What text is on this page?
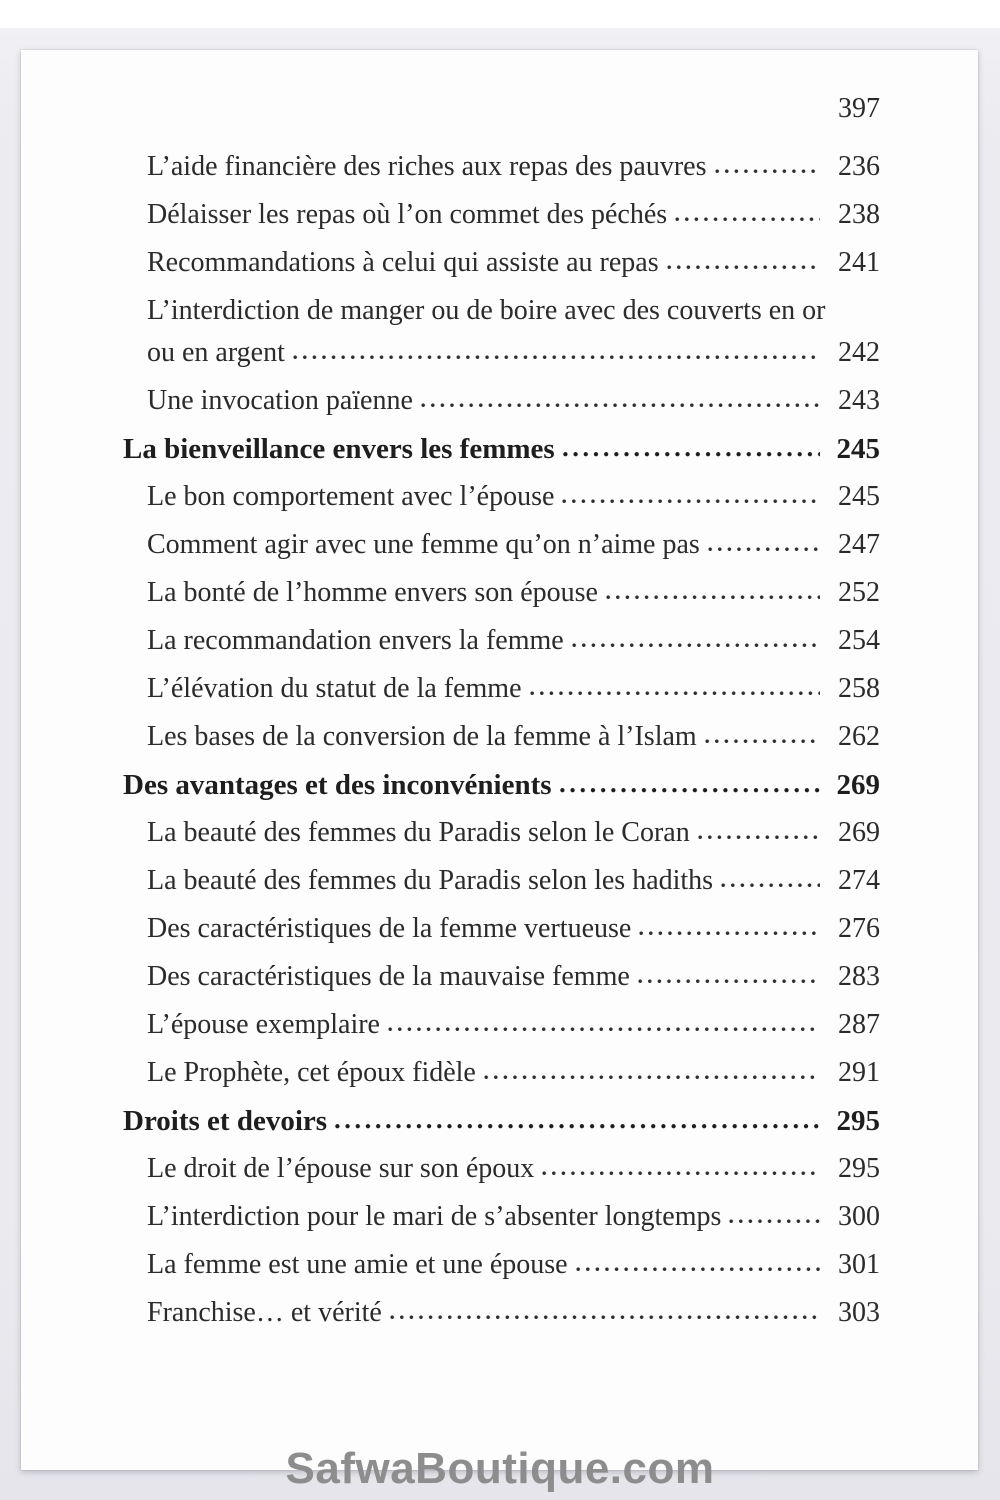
397
L’aide financière des riches aux repas des pauvres	236
Délaisser les repas où l’on commet des péchés	238
Recommandations à celui qui assiste au repas	241
L’interdiction de manger ou de boire avec des couverts en or
ou en argent	242
Une invocation païenne	243
La bienveillance envers les femmes	245
Le bon comportement avec l’épouse	245
Comment agir avec une femme qu’on n’aime pas	247
La bonté de l’homme envers son épouse	252
La recommandation envers la femme	254
L’élévation du statut de la femme	258
Les bases de la conversion de la femme à l’Islam	262
Des avantages et des inconvénients	269
La beauté des femmes du Paradis selon le Coran	269
La beauté des femmes du Paradis selon les hadiths	274
Des caractéristiques de la femme vertueuse	276
Des caractéristiques de la mauvaise femme	283
L’épouse exemplaire	287
Le Prophète, cet époux fidèle	291
Droits et devoirs	295
Le droit de l’épouse sur son époux	295
L’interdiction pour le mari de s’absenter longtemps	300
La femme est une amie et une épouse	301
Franchise… et vérité	303
SafwaBoutique.com
